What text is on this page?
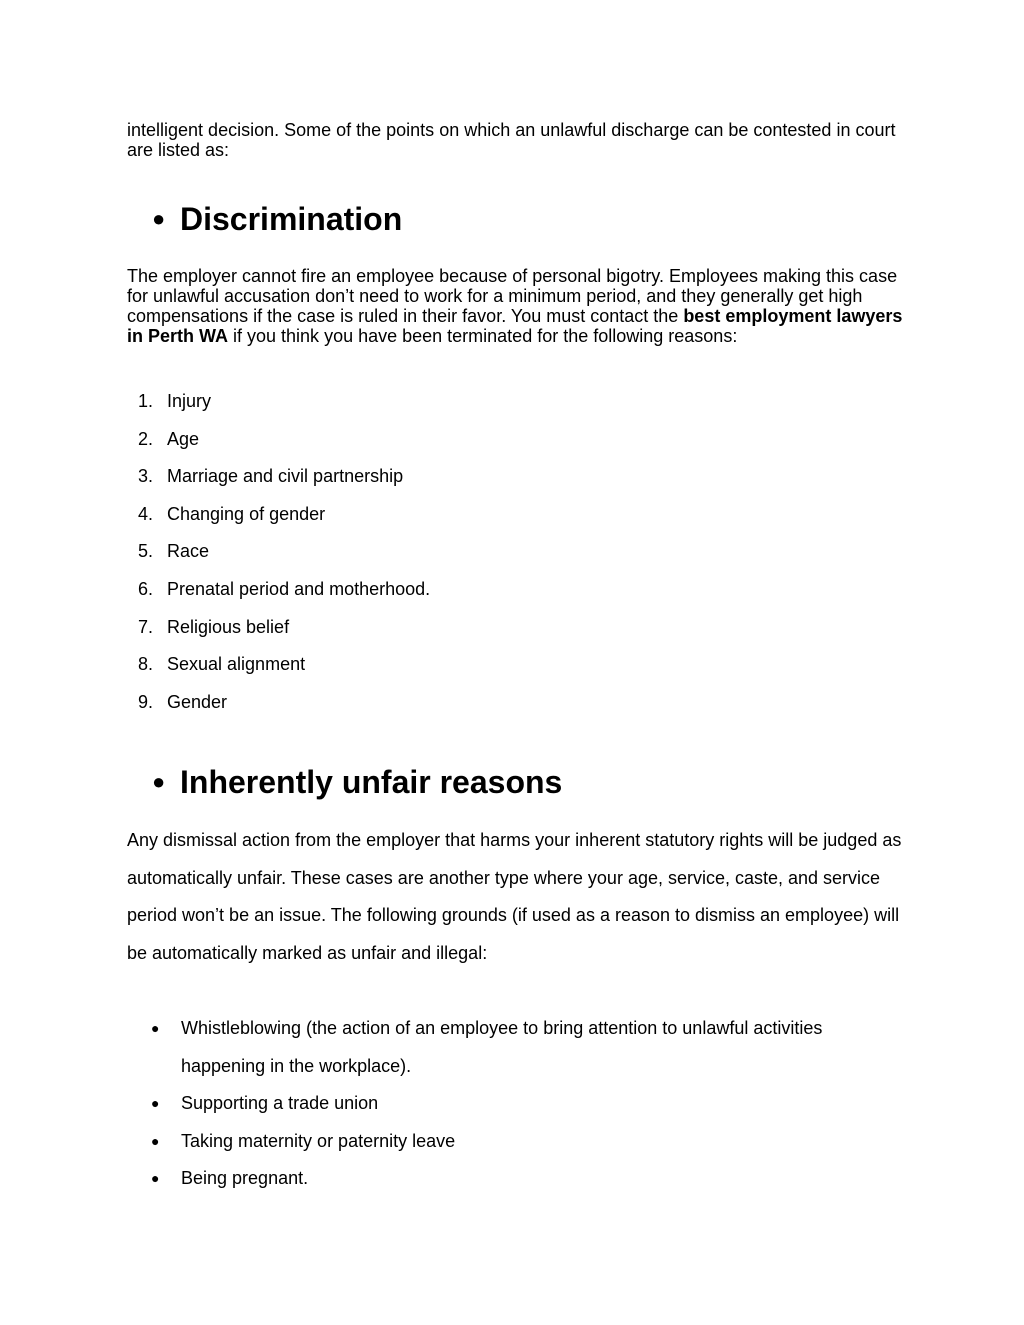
intelligent decision. Some of the points on which an unlawful discharge can be contested in court are listed as:

● Discrimination

The employer cannot fire an employee because of personal bigotry. Employees making this case for unlawful accusation don’t need to work for a minimum period, and they generally get high compensations if the case is ruled in their favor. You must contact the best employment lawyers in Perth WA if you think you have been terminated for the following reasons:

1. Injury
2. Age
3. Marriage and civil partnership
4. Changing of gender
5. Race
6. Prenatal period and motherhood.
7. Religious belief
8. Sexual alignment
9. Gender
● Inherently unfair reasons

Any dismissal action from the employer that harms your inherent statutory rights will be judged as automatically unfair. These cases are another type where your age, service, caste, and service period won’t be an issue. The following grounds (if used as a reason to dismiss an employee) will be automatically marked as unfair and illegal:

● Whistleblowing (the action of an employee to bring attention to unlawful activities happening in the workplace).
● Supporting a trade union
● Taking maternity or paternity leave
● Being pregnant.
